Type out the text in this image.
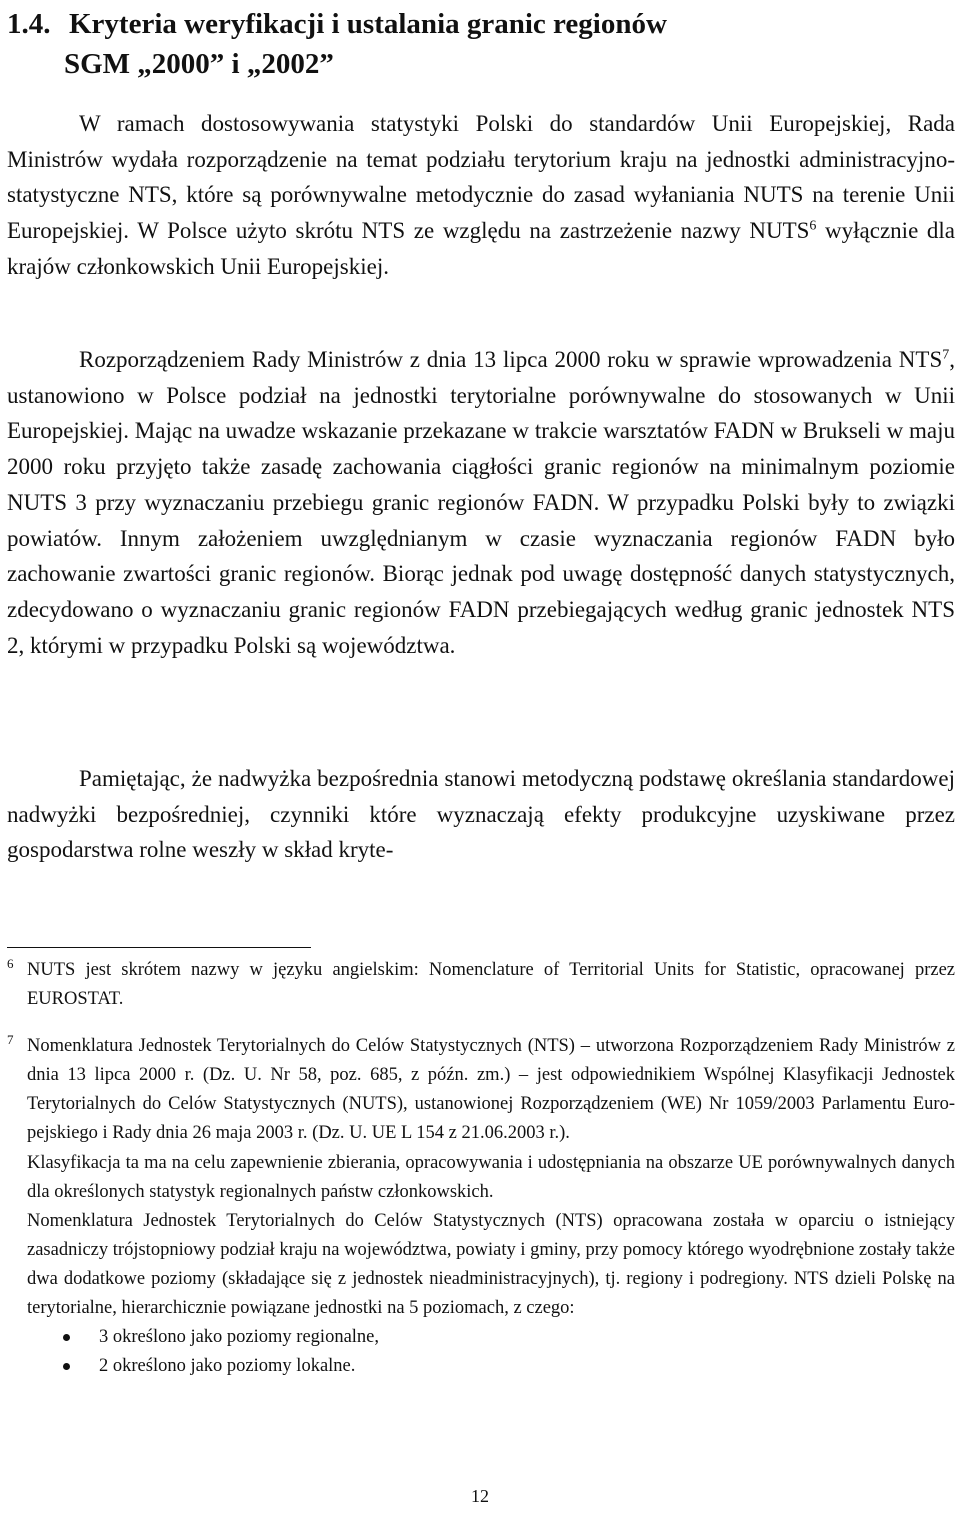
1.4. Kryteria weryfikacji i ustalania granic regionów
SGM „2000” i „2002”

W ramach dostosowywania statystyki Polski do standardów Unii Europejskiej, Rada Ministrów wydała rozporządzenie na temat podziału terytorium kraju na jednostki administracyjno-statystyczne NTS, które są porównywalne metodycznie do zasad wyłaniania NUTS na terenie Unii Europejskiej. W Polsce użyto skrótu NTS ze względu na zastrzeżenie nazwy NUTS$^6$ wyłącznie dla krajów członkowskich Unii Europejskiej.

Rozporządzeniem Rady Ministrów z dnia 13 lipca 2000 roku w sprawie wprowadzenia NTS$^7$, ustanowiono w Polsce podział na jednostki terytorialne porównywalne do stosowanych w Unii Europejskiej. Mając na uwadze wskazanie przekazane w trakcie warsztatów FADN w Brukseli w maju 2000 roku przyjęto także zasadę zachowania ciągłości granic regionów na minimalnym poziomie NUTS 3 przy wyznaczaniu przebiegu granic regionów FADN. W przypadku Polski były to związki powiatów. Innym założeniem uwzględnianym w czasie wyznaczania regionów FADN było zachowanie zwartości granic regionów. Biorąc jednak pod uwagę dostępność danych statystycznych, zdecydowano o wyznaczaniu granic regionów FADN przebiegających według granic jednostek NTS 2, którymi w przypadku Polski są województwa.

Pamiętając, że nadwyżka bezpośrednia stanowi metodyczną podstawę określania standardowej nadwyżki bezpośredniej, czynniki które wyznaczają efekty produkcyjne uzyskiwane przez gospodarstwa rolne weszły w skład kryte-

6 NUTS jest skrótem nazwy w języku angielskim: Nomenclature of Territorial Units for Statistic, opracowanej przez EUROSTAT.

7 Nomenklatura Jednostek Terytorialnych do Celów Statystycznych (NTS) – utworzona Rozporządzeniem Rady Ministrów z dnia 13 lipca 2000 r. (Dz. U. Nr 58, poz. 685, z późn. zm.) – jest odpowiednikiem Wspólnej Klasyfikacji Jednostek Terytorialnych do Celów Statystycznych (NUTS), ustanowionej Rozporządzeniem (WE) Nr 1059/2003 Parlamentu Europejskiego i Rady dnia 26 maja 2003 r. (Dz. U. UE L 154 z 21.06.2003 r.).

Klasyfikacja ta ma na celu zapewnienie zbierania, opracowywania i udostępniania na obszarze UE porównywalnych danych dla określonych statystyk regionalnych państw członkowskich.

Nomenklatura Jednostek Terytorialnych do Celów Statystycznych (NTS) opracowana została w oparciu o istniejący zasadniczy trójstopniowy podział kraju na województwa, powiaty i gminy, przy pomocy którego wyodrębnione zostały także dwa dodatkowe poziomy (składające się z jednostek nieadministracyjnych), tj. regiony i podregiony. NTS dzieli Polskę na terytorialne, hierarchicznie powiązane jednostki na 5 poziomach, z czego:

3 określono jako poziomy regionalne,
2 określono jako poziomy lokalne.
12
